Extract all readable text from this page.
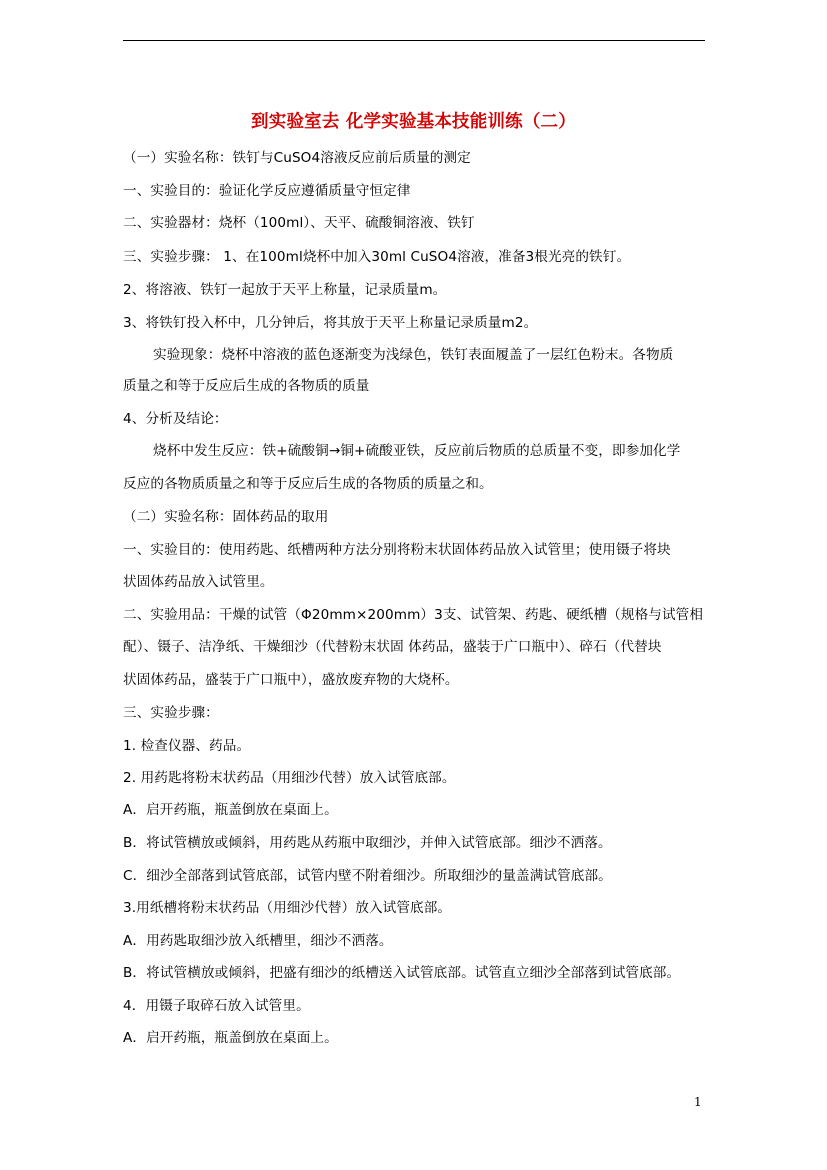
到实验室去 化学实验基本技能训练（二）
（一）实验名称：铁钉与CuSO4溶液反应前后质量的测定
一、实验目的：验证化学反应遵循质量守恒定律
二、实验器材：烧杯（100ml）、天平、硫酸铜溶液、铁钉
三、实验步骤： 1、在100ml烧杯中加入30ml CuSO4溶液，准备3根光亮的铁钉。
2、将溶液、铁钉一起放于天平上称量，记录质量m。
3、将铁钉投入杯中，几分钟后，将其放于天平上称量记录质量m2。
实验现象：烧杯中溶液的蓝色逐渐变为浅绿色，铁钉表面履盖了一层红色粉末。各物质
质量之和等于反应后生成的各物质的质量
4、分析及结论：
烧杯中发生反应：铁+硫酸铜→铜+硫酸亚铁，反应前后物质的总质量不变，即参加化学
反应的各物质质量之和等于反应后生成的各物质的质量之和。
（二）实验名称：固体药品的取用
一、实验目的：使用药匙、纸槽两种方法分别将粉末状固体药品放入试管里；使用镊子将块
状固体药品放入试管里。
二、实验用品：干燥的试管（Φ20mm×200mm）3支、试管架、药匙、硬纸槽（规格与试管相
配）、镊子、洁净纸、干燥细沙（代替粉末状固 体药品，盛装于广口瓶中）、碎石（代替块
状固体药品，盛装于广口瓶中），盛放废弃物的大烧杯。
三、实验步骤：
1. 检查仪器、药品。
2. 用药匙将粉末状药品（用细沙代替）放入试管底部。
A．启开药瓶，瓶盖倒放在桌面上。
B．将试管横放或倾斜，用药匙从药瓶中取细沙，并伸入试管底部。细沙不洒落。
C．细沙全部落到试管底部，试管内壁不附着细沙。所取细沙的量盖满试管底部。
3.用纸槽将粉末状药品（用细沙代替）放入试管底部。
A．用药匙取细沙放入纸槽里，细沙不洒落。
B．将试管横放或倾斜，把盛有细沙的纸槽送入试管底部。试管直立细沙全部落到试管底部。
4．用镊子取碎石放入试管里。
A．启开药瓶，瓶盖倒放在桌面上。
1
